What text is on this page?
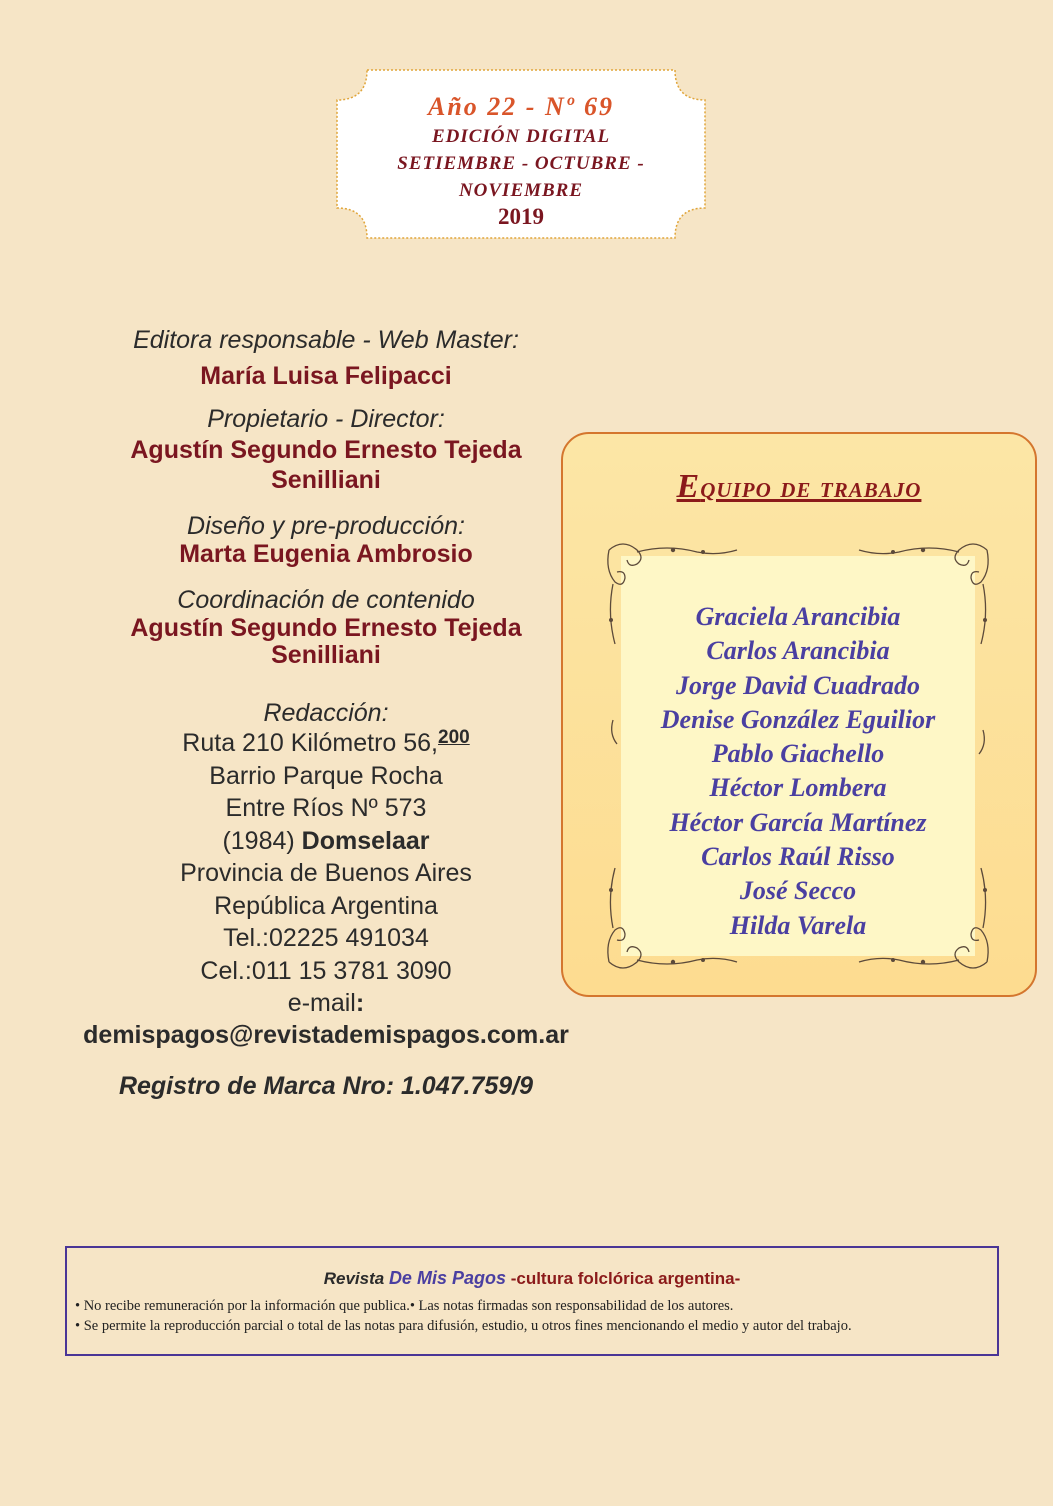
Año 22 - Nº 69
EDICIÓN DIGITAL
SETIEMBRE - OCTUBRE -
NOVIEMBRE
2019
Editora responsable - Web Master:
María Luisa Felipacci
Propietario - Director:
Agustín Segundo Ernesto Tejeda
Senilliani
Diseño y pre-producción:
Marta Eugenia Ambrosio
Coordinación de contenido
Agustín Segundo Ernesto Tejeda
Senilliani
Redacción:
Ruta 210 Kilómetro 56,$^{200}$
Barrio Parque Rocha
Entre Ríos Nº 573
(1984) Domselaar
Provincia de Buenos Aires
República Argentina
Tel.:02225 491034
Cel.:011 15 3781 3090
e-mail:
demispagos@revistademispagos.com.ar
Registro de Marca Nro: 1.047.759/9
Equipo de trabajo
Graciela Arancibia
Carlos Arancibia
Jorge David Cuadrado
Denise González Eguilior
Pablo Giachello
Héctor Lombera
Héctor García Martínez
Carlos Raúl Risso
José Secco
Hilda Varela
Revista De Mis Pagos -cultura folclórica argentina-
• No recibe remuneración por la información que publica.• Las notas firmadas son responsabilidad de los autores.
• Se permite la reproducción parcial o total de las notas para difusión, estudio, u otros fines mencionando el medio y autor del trabajo.
